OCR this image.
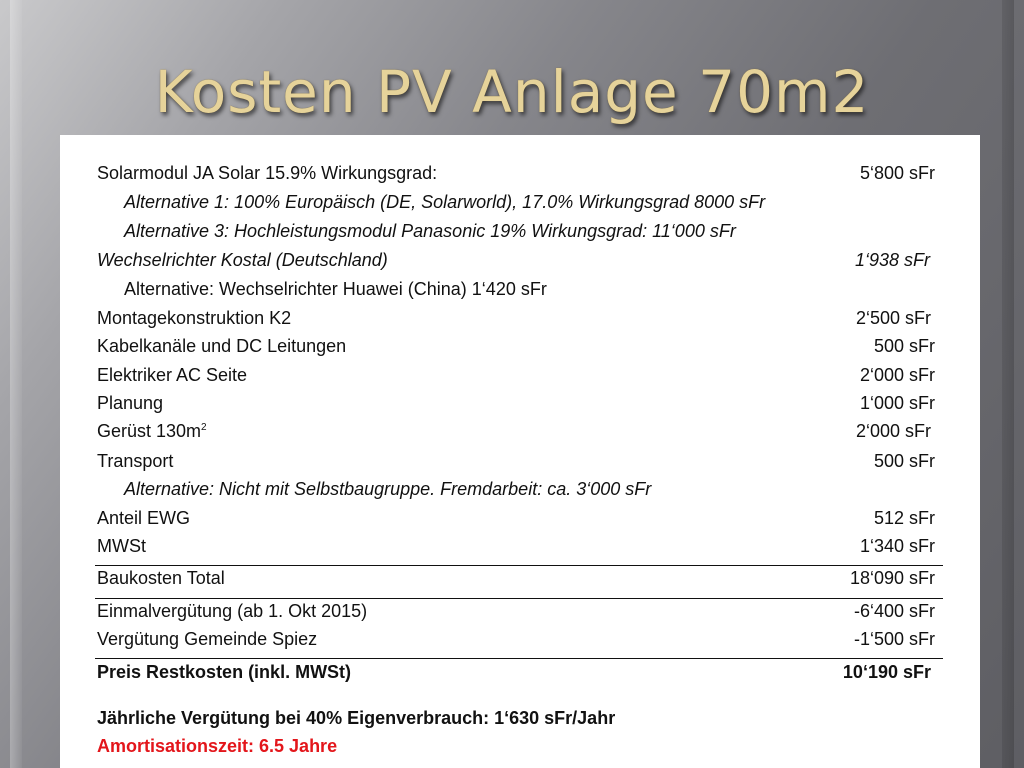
Kosten PV Anlage 70m2
Solarmodul JA Solar 15.9% Wirkungsgrad:	5‘800 sFr
Alternative 1: 100% Europäisch (DE, Solarworld), 17.0% Wirkungsgrad 8000 sFr
Alternative 3: Hochleistungsmodul Panasonic 19% Wirkungsgrad: 11‘000 sFr
Wechselrichter Kostal (Deutschland)	1‘938 sFr
Alternative: Wechselrichter Huawei (China) 1‘420 sFr
Montagekonstruktion K2	2‘500 sFr
Kabelkanäle und DC Leitungen	500 sFr
Elektriker AC Seite	2‘000 sFr
Planung	1‘000 sFr
Gerüst $130m^2$	2‘000 sFr
Transport	500 sFr
Alternative: Nicht mit Selbstbaugruppe. Fremdarbeit: ca. 3‘000 sFr
Anteil EWG	512 sFr
MWSt	1‘340 sFr
Baukosten Total	18‘090 sFr
Einmalvergütung (ab 1. Okt 2015)	-6‘400 sFr
Vergütung Gemeinde Spiez	-1‘500 sFr
Preis Restkosten (inkl. MWSt)	10‘190 sFr
Jährliche Vergütung bei 40% Eigenverbrauch: 1‘630 sFr/Jahr
Amortisationszeit: 6.5 Jahre
